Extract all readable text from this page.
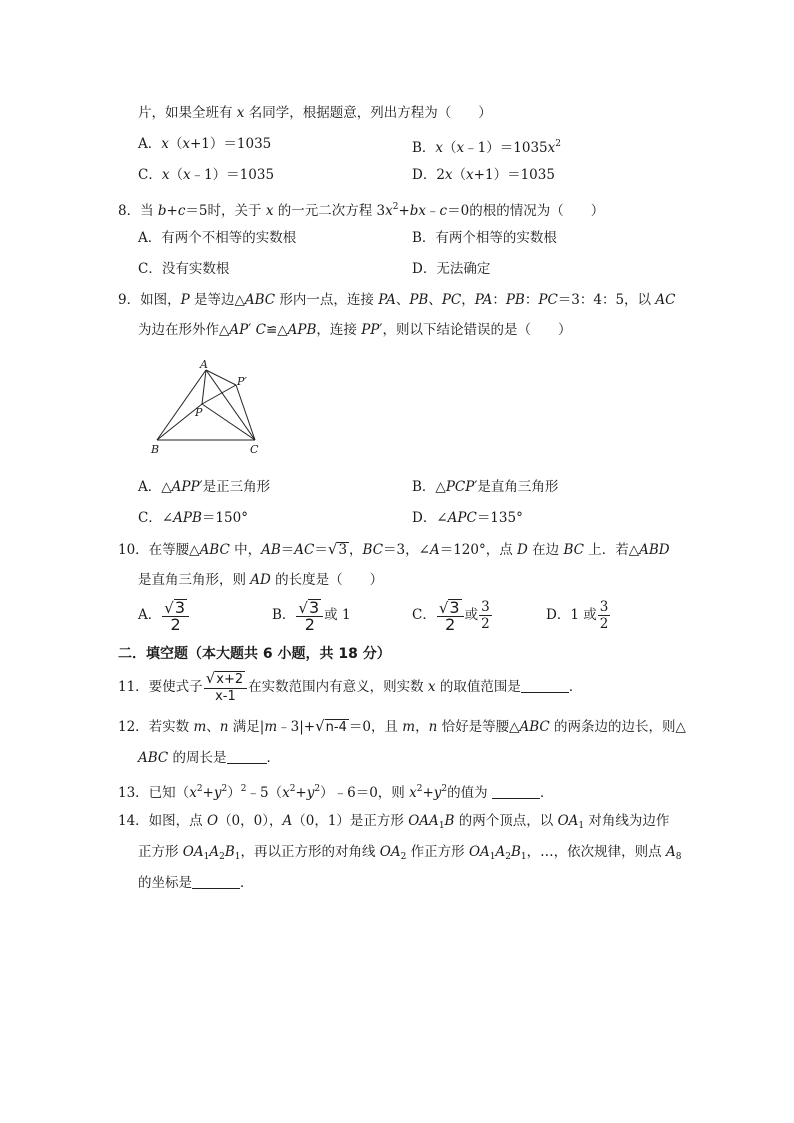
片，如果全班有 x 名同学，根据题意，列出方程为（　　）
A．x（x+1）＝1035	B．$x(x﹣1)=1035x^2$
C．x（x﹣1）＝1035	D．2x（x+1）＝1035
8．当 b+c＝5时，关于 x 的一元二次方程 $3x^2+bx﹣c=0$的根的情况为（　　）
A．有两个不相等的实数根	B．有两个相等的实数根
C．没有实数根	D．无法确定
9．如图，P 是等边△ABC 形内一点，连接 PA、PB、PC，PA：PB：PC＝3：4：5，以 AC
为边在形外作△AP′ C≌△APB，连接 PP′，则以下结论错误的是（　　）
A
P′
P
B	C
A．△APP′是正三角形	B．△PCP′是直角三角形
C．∠APB＝150°	D．∠APC＝135°
10．在等腰△ABC 中，AB＝AC＝√3 ，BC＝3，∠A＝120°，点 D 在边 BC 上．若△ABD
是直角三角形，则 AD 的长度是（　　）
A． $\frac{√3}{2}$	B． $\frac{√3}{2}$ 或 1	C． $\frac{√3}{2}$ 或 $\frac{3}{2}$	D．1 或 $\frac{3}{2}$
二．填空题（本大题共 6 小题，共 18 分）
11．要使式子 $\frac{√x+2}{x-1}$ 在实数范围内有意义，则实数 x 的取值范围是	．
12．若实数 m、n 满足|m﹣3|+√n-4 ＝0，且 m，n 恰好是等腰△ABC 的两条边的边长，则△
ABC 的周长是	．
13．已知$(x^2+y^2)^2﹣5(x^2+y^2)﹣6=0$，则 $x^2+y^2$的值为	．
14．如图，点 O（0，0），A（0，1）是正方形 $OAA_1B$ 的两个顶点，以 $OA_1$ 对角线为边作
正方形 $OA_1A_2B_1$，再以正方形的对角线 $OA_2$ 作正方形 $OA_1A_2B_1$，…，依次规律，则点 $A_8$
的坐标是	．
